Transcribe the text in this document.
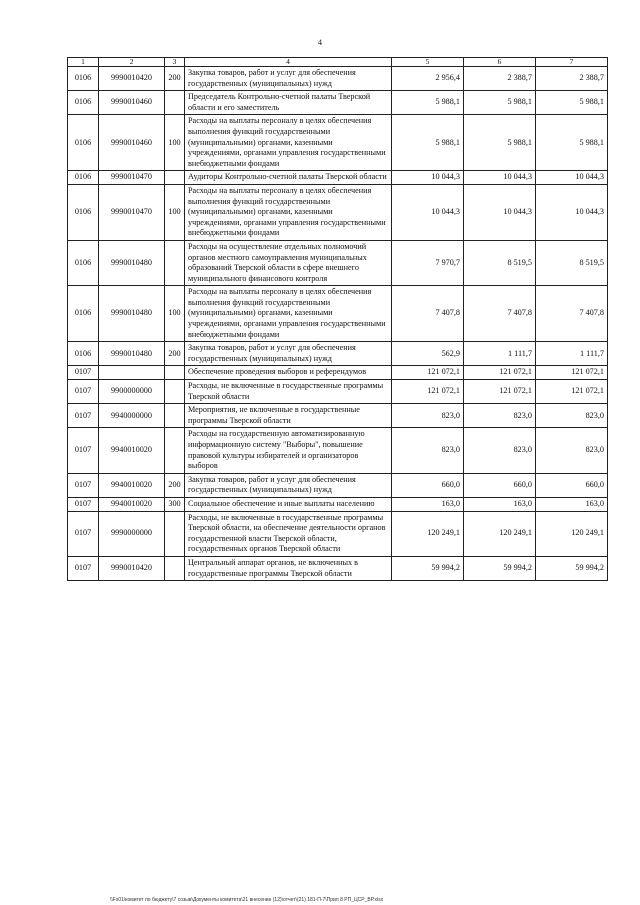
4
1	2	3	4	5	6	7
0106	9990010420	200	Закупка товаров, работ и услуг для обеспечения государственных (муниципальных) нужд	2 956,4	2 388,7	2 388,7
0106	9990010460		Председатель Контрольно-счетной палаты Тверской области и его заместитель	5 988,1	5 988,1	5 988,1
0106	9990010460	100	Расходы на выплаты персоналу в целях обеспечения выполнения функций государственными (муниципальными) органами, казенными учреждениями, органами управления государственными внебюджетными фондами	5 988,1	5 988,1	5 988,1
0106	9990010470		Аудиторы Контрольно-счетной палаты Тверской области	10 044,3	10 044,3	10 044,3
0106	9990010470	100	Расходы на выплаты персоналу в целях обеспечения выполнения функций государственными (муниципальными) органами, казенными учреждениями, органами управления государственными внебюджетными фондами	10 044,3	10 044,3	10 044,3
0106	9990010480		Расходы на осуществление отдельных полномочий органов местного самоуправления муниципальных образований Тверской области в сфере внешнего муниципального финансового контроля	7 970,7	8 519,5	8 519,5
0106	9990010480	100	Расходы на выплаты персоналу в целях обеспечения выполнения функций государственными (муниципальными) органами, казенными учреждениями, органами управления государственными внебюджетными фондами	7 407,8	7 407,8	7 407,8
0106	9990010480	200	Закупка товаров, работ и услуг для обеспечения государственных (муниципальных) нужд	562,9	1 111,7	1 111,7
0107			Обеспечение проведения выборов и референдумов	121 072,1	121 072,1	121 072,1
0107	9900000000		Расходы, не включенные в государственные программы Тверской области	121 072,1	121 072,1	121 072,1
0107	9940000000		Мероприятия, не включенные в государственные программы Тверской области	823,0	823,0	823,0
0107	9940010020		Расходы на государственную автоматизированную информационную систему "Выборы", повышение правовой культуры избирателей и организаторов выборов	823,0	823,0	823,0
0107	9940010020	200	Закупка товаров, работ и услуг для обеспечения государственных (муниципальных) нужд	660,0	660,0	660,0
0107	9940010020	300	Социальное обеспечение и иные выплаты населению	163,0	163,0	163,0
0107	9990000000		Расходы, не включенные в государственные программы Тверской области, на обеспечение деятельности органов государственной власти Тверской области, государственных органов Тверской области	120 249,1	120 249,1	120 249,1
0107	9990010420		Центральный аппарат органов, не включенных в государственные программы Тверской области	59 994,2	59 994,2	59 994,2
\\Fs01\комитет по бюджету\7 созыв\Документы комитета\21 внесение (12)\отчет\(21) 181-П-7\Прил 8 РП_ЦСР_ВР.xlsx
